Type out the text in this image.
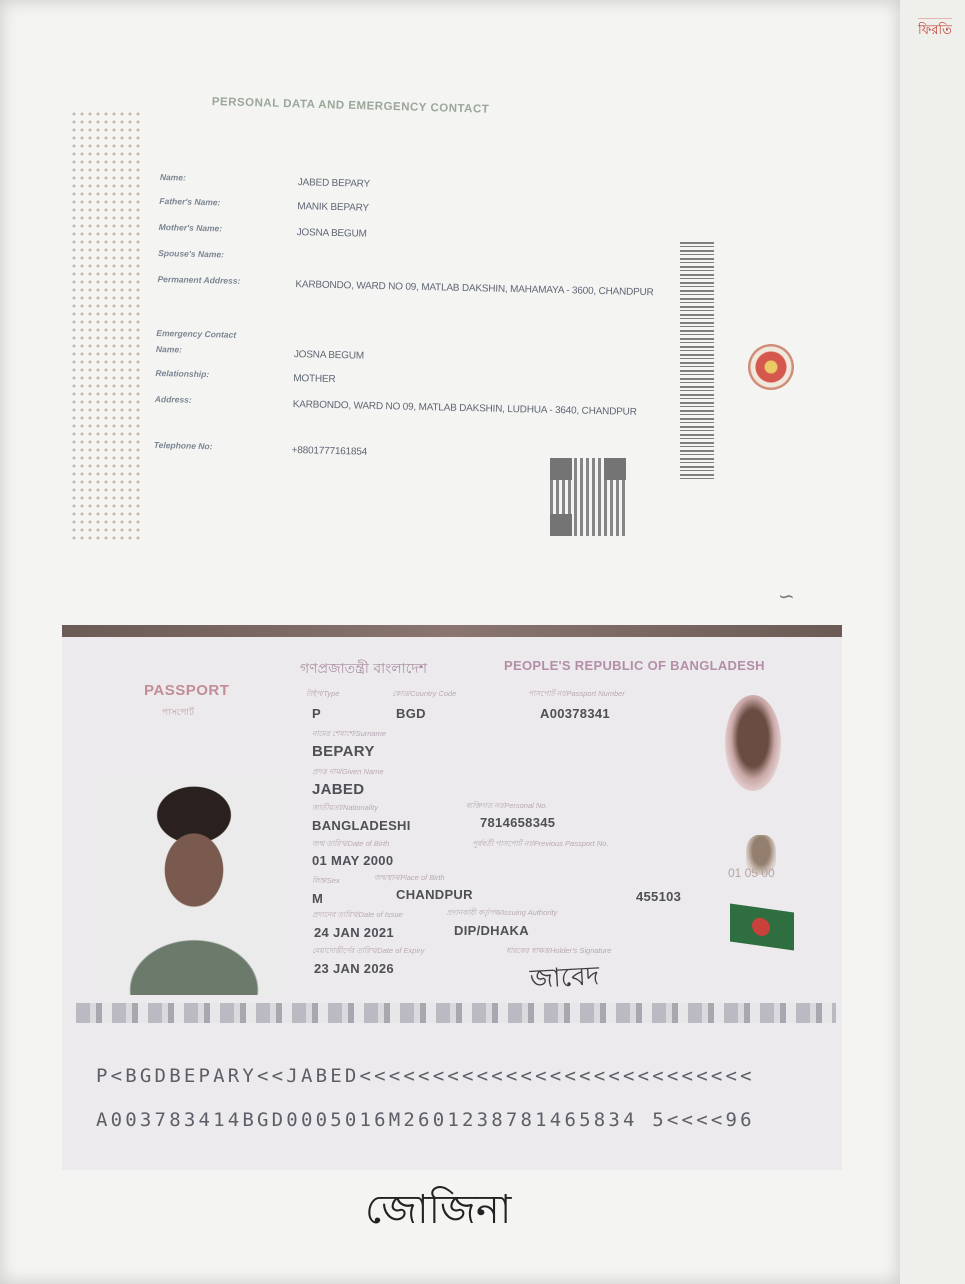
PERSONAL DATA AND EMERGENCY CONTACT
Name:	JABED BEPARY
Father's Name:	MANIK BEPARY
Mother's Name:	JOSNA BEGUM
Spouse's Name:
Permanent Address:	KARBONDO, WARD NO 09, MATLAB DAKSHIN, MAHAMAYA - 3600, CHANDPUR
Emergency Contact
Name:	JOSNA BEGUM
Relationship:	MOTHER
Address:	KARBONDO, WARD NO 09, MATLAB DAKSHIN, LUDHUA - 3640, CHANDPUR
Telephone No:	+8801777161854
∽
গণপ্রজাতন্ত্রী বাংলাদেশ	PEOPLE'S REPUBLIC OF BANGLADESH
PASSPORT
পাসপোর্ট
01 05 00
টাইপ/Type	কোড/Country Code	পাসপোর্ট নং/Passport Number
P	BGD	A00378341
নামের শেষাংশ/Surname
BEPARY
প্রদত্ত নাম/Given Name
JABED
জাতীয়তা/Nationality	ব্যক্তিগত নং/Personal No.
BANGLADESHI	7814658345
জন্ম তারিখ/Date of Birth	পূর্ববর্তী পাসপোর্ট নং/Previous Passport No.
01 MAY 2000
লিঙ্গ/Sex	জন্মস্থান/Place of Birth
M	CHANDPUR	455103
প্রদানের তারিখ/Date of Issue	প্রদানকারী কর্তৃপক্ষ/Issuing Authority
24 JAN 2021	DIP/DHAKA
মেয়াদোত্তীর্ণের তারিখ/Date of Expiry	ধারকের স্বাক্ষর/Holder's Signature
23 JAN 2026	জাবেদ
P<BGDBEPARY<<JABED<<<<<<<<<<<<<<<<<<<<<<<<<<<
A003783414BGD0005016M2601238781465834 5<<<<96
জোজিনা
ফিরতি
